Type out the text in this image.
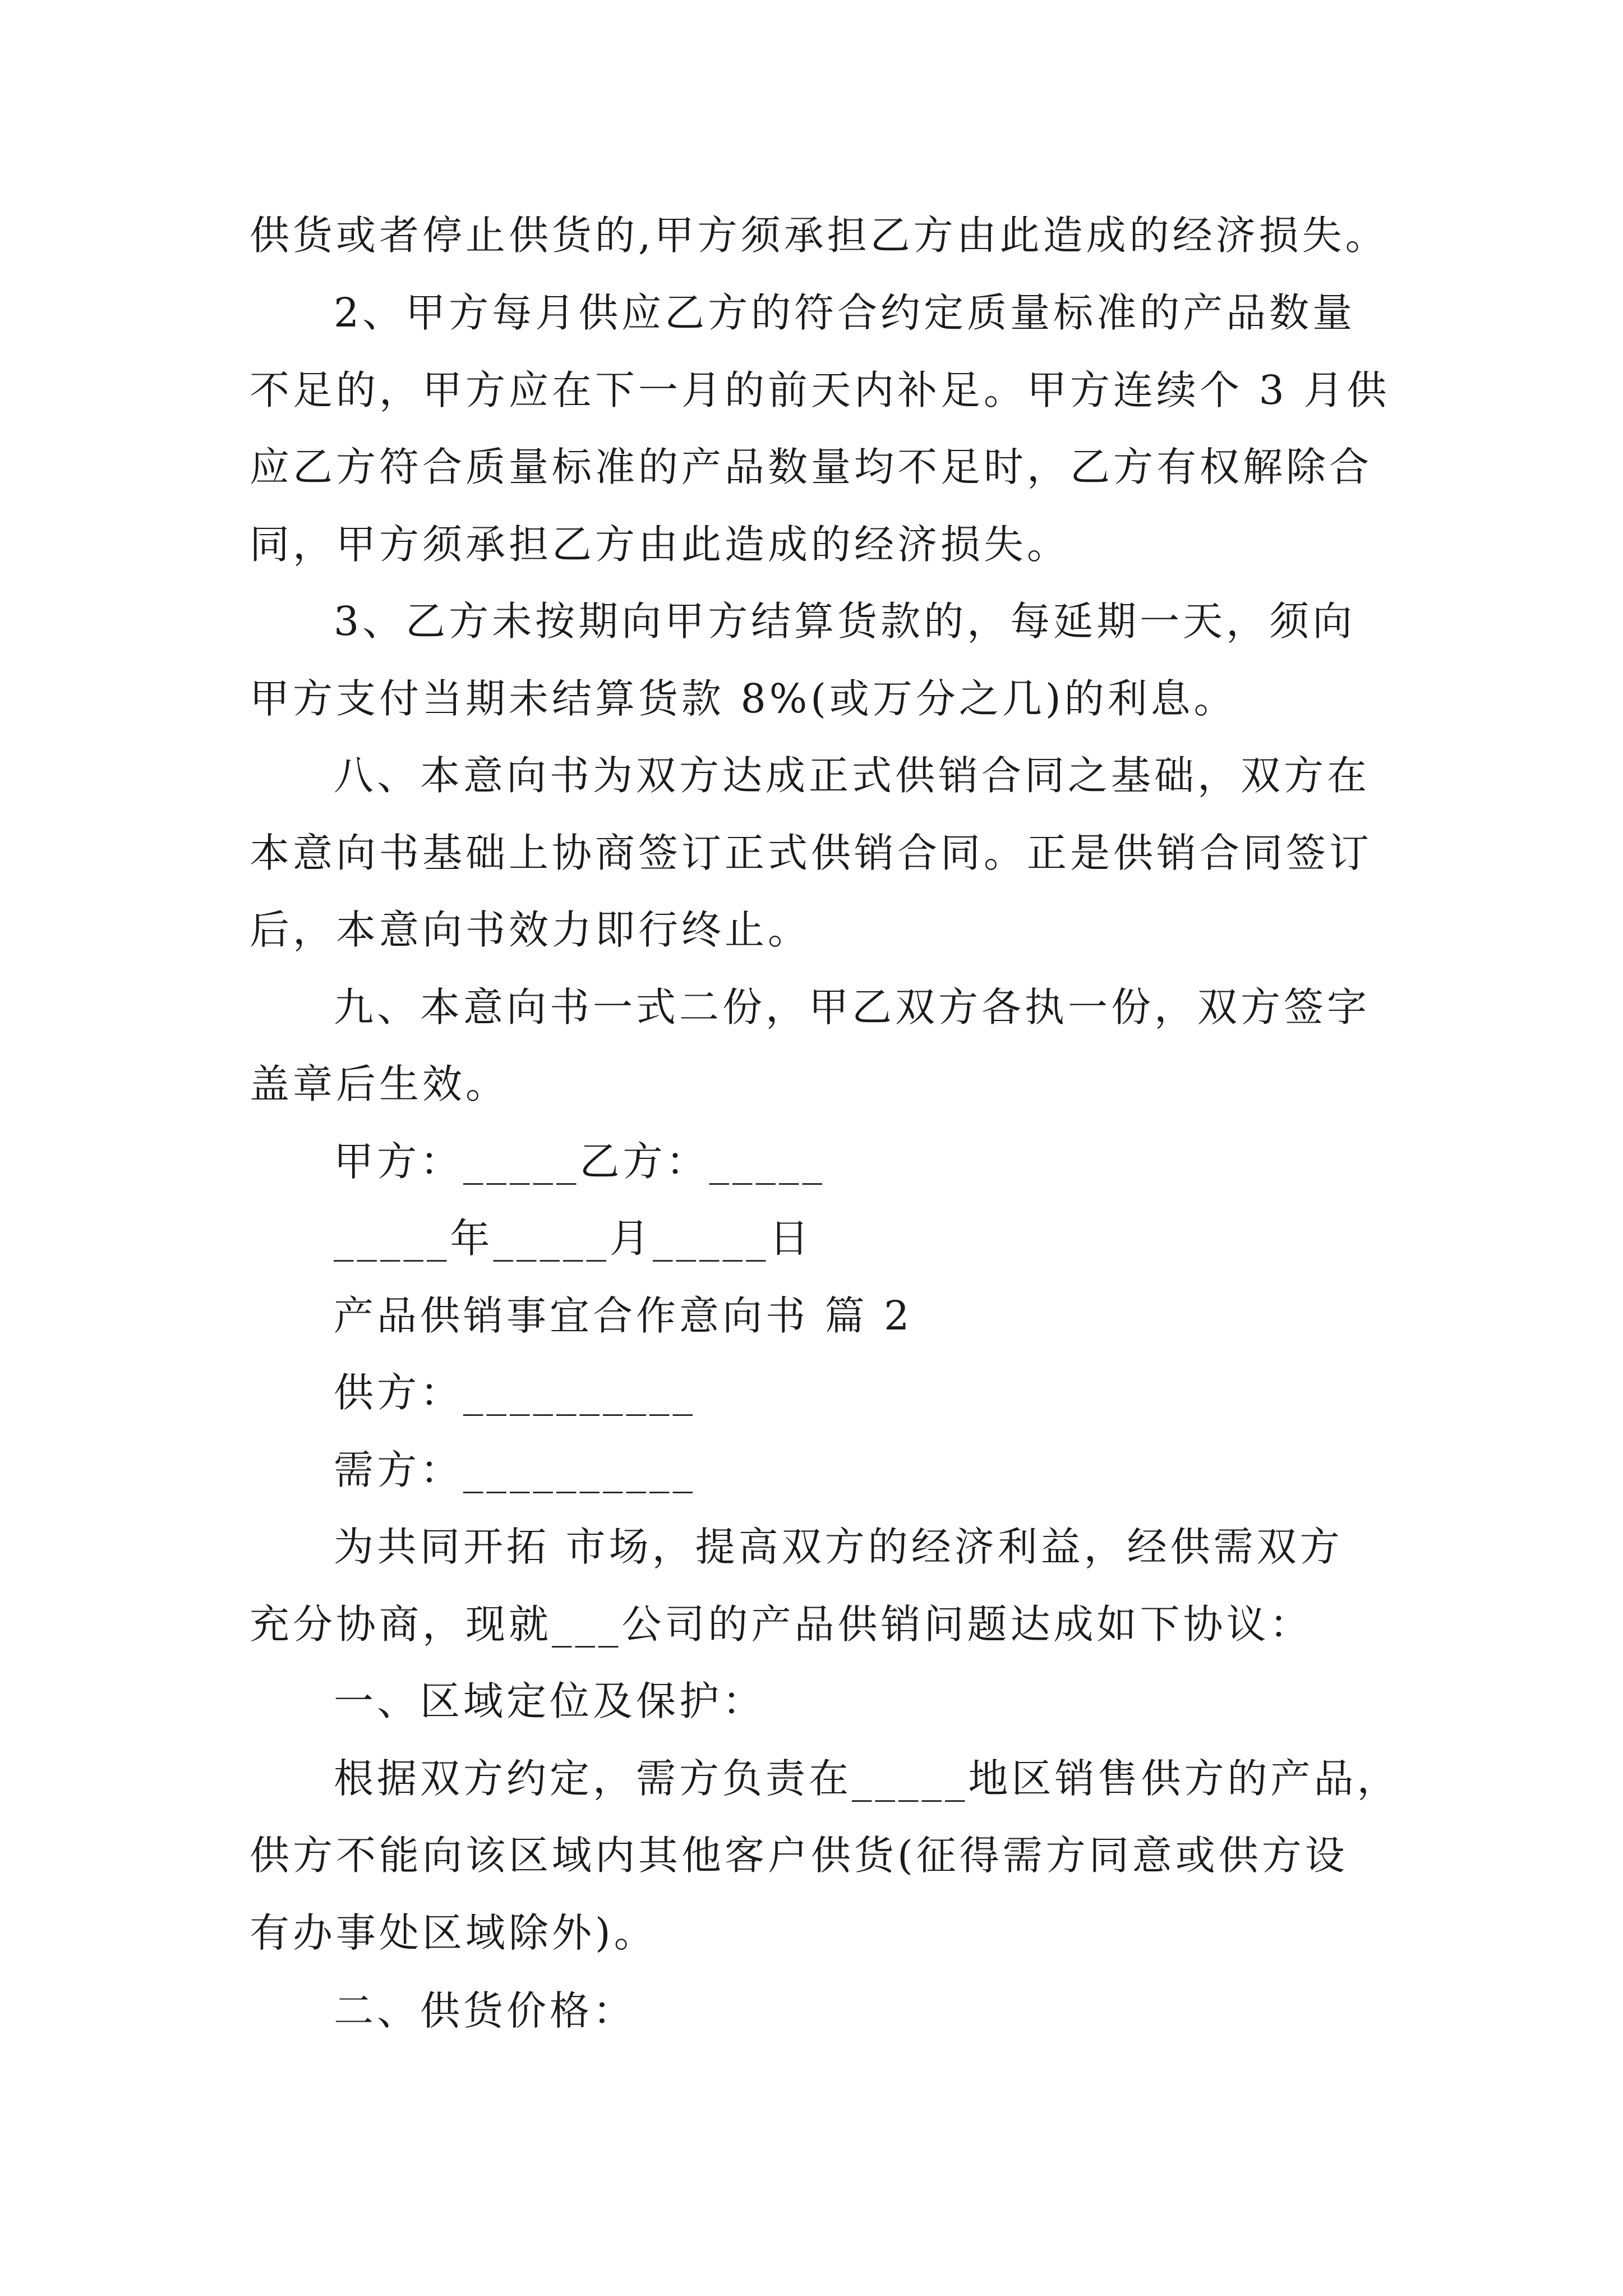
供货或者停止供货的,甲方须承担乙方由此造成的经济损失。

2、甲方每月供应乙方的符合约定质量标准的产品数量

不足的，甲方应在下一月的前天内补足。甲方连续个 3 月供

应乙方符合质量标准的产品数量均不足时，乙方有权解除合

同，甲方须承担乙方由此造成的经济损失。

3、乙方未按期向甲方结算货款的，每延期一天，须向

甲方支付当期未结算货款 8%(或万分之几)的利息。

八、本意向书为双方达成正式供销合同之基础，双方在

本意向书基础上协商签订正式供销合同。正是供销合同签订

后，本意向书效力即行终止。

九、本意向书一式二份，甲乙双方各执一份，双方签字

盖章后生效。

甲方：_____乙方：_____

_____年_____月_____日

产品供销事宜合作意向书 篇 2

供方：__________

需方：__________

为共同开拓 市场，提高双方的经济利益，经供需双方

充分协商，现就___公司的产品供销问题达成如下协议：

一、区域定位及保护：

根据双方约定，需方负责在_____地区销售供方的产品，

供方不能向该区域内其他客户供货(征得需方同意或供方设

有办事处区域除外)。

二、供货价格：
